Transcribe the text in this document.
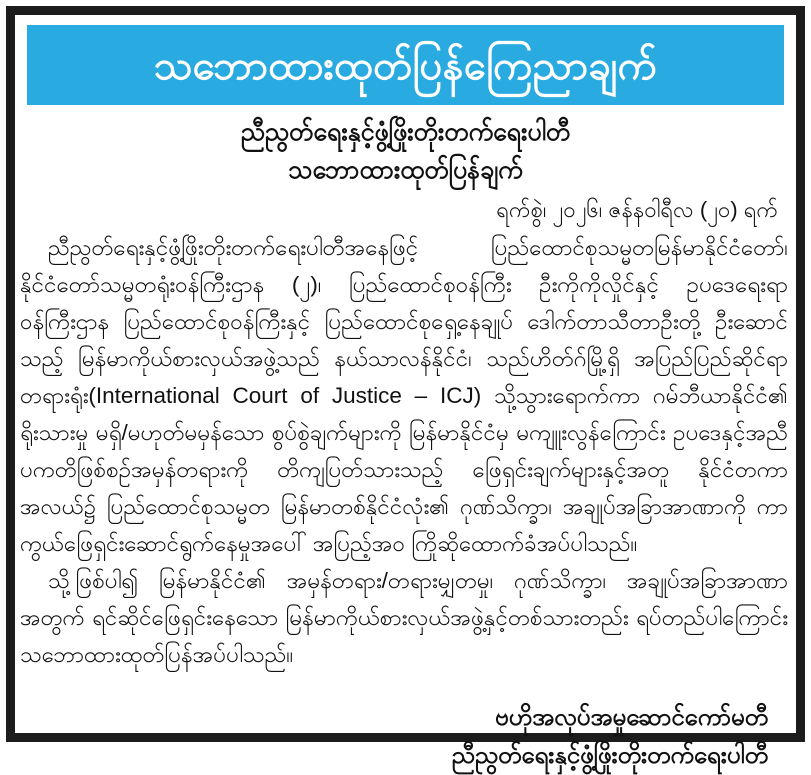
သဘောထားထုတ်ပြန်ကြေညာချက်
ညီညွတ်ရေးနှင့်ဖွံ့ဖြိုးတိုးတက်ရေးပါတီ
သဘောထားထုတ်ပြန်ချက်
ရက်စွဲ၊ ၂၀၂၆၊ ဇန်နဝါရီလ (၂၀) ရက်

ညီညွတ်ရေးနှင့်ဖွံ့ဖြိုးတိုးတက်ရေးပါတီအနေဖြင့် ပြည်ထောင်စုသမ္မတမြန်မာနိုင်ငံတော်၊ နိုင်ငံတော်သမ္မတရုံးဝန်ကြီးဌာန (၂)၊ ပြည်ထောင်စုဝန်ကြီး ဦးကိုကိုလှိုင်နှင့် ဥပဒေရေးရာဝန်ကြီးဌာန ပြည်ထောင်စုဝန်ကြီးနှင့် ပြည်ထောင်စုရှေ့နေချုပ် ဒေါက်တာသီတာဦးတို့ ဦးဆောင်သည့် မြန်မာကိုယ်စားလှယ်အဖွဲ့သည် နယ်သာလန်နိုင်ငံ၊ သည်ဟိတ်ဂ်မြို့ရှိ အပြည်ပြည်ဆိုင်ရာတရားရုံး(International Court of Justice – ICJ) သို့သွားရောက်ကာ ဂမ်ဘီယာနိုင်ငံ၏ ရိုးသားမှု မရှိ/မဟုတ်မမှန်သော စွပ်စွဲချက်များကို မြန်မာနိုင်ငံမှ မကျူးလွန်ကြောင်း ဥပဒေနှင့်အညီ ပကတိဖြစ်စဉ်အမှန်တရားကို တိကျပြတ်သားသည့် ဖြေရှင်းချက်များနှင့်အတူ နိုင်ငံတကာအလယ်၌ ပြည်ထောင်စုသမ္မတ မြန်မာတစ်နိုင်ငံလုံး၏ ဂုဏ်သိက္ခာ၊ အချုပ်အခြာအာဏာကို ကာကွယ်ဖြေရှင်းဆောင်ရွက်နေမှုအပေါ် အပြည့်အဝ ကြိုဆိုထောက်ခံအပ်ပါသည်။

သို့ဖြစ်ပါ၍ မြန်မာနိုင်ငံ၏ အမှန်တရား/တရားမျှတမှု၊ ဂုဏ်သိက္ခာ၊ အချုပ်အခြာအာဏာအတွက် ရင်ဆိုင်ဖြေရှင်းနေသော မြန်မာကိုယ်စားလှယ်အဖွဲ့နှင့်တစ်သားတည်း ရပ်တည်ပါကြောင်း သဘောထားထုတ်ပြန်အပ်ပါသည်။

ဗဟိုအလုပ်အမှုဆောင်ကော်မတီ
ညီညွတ်ရေးနှင့်ဖွံ့ဖြိုးတိုးတက်ရေးပါတီ
